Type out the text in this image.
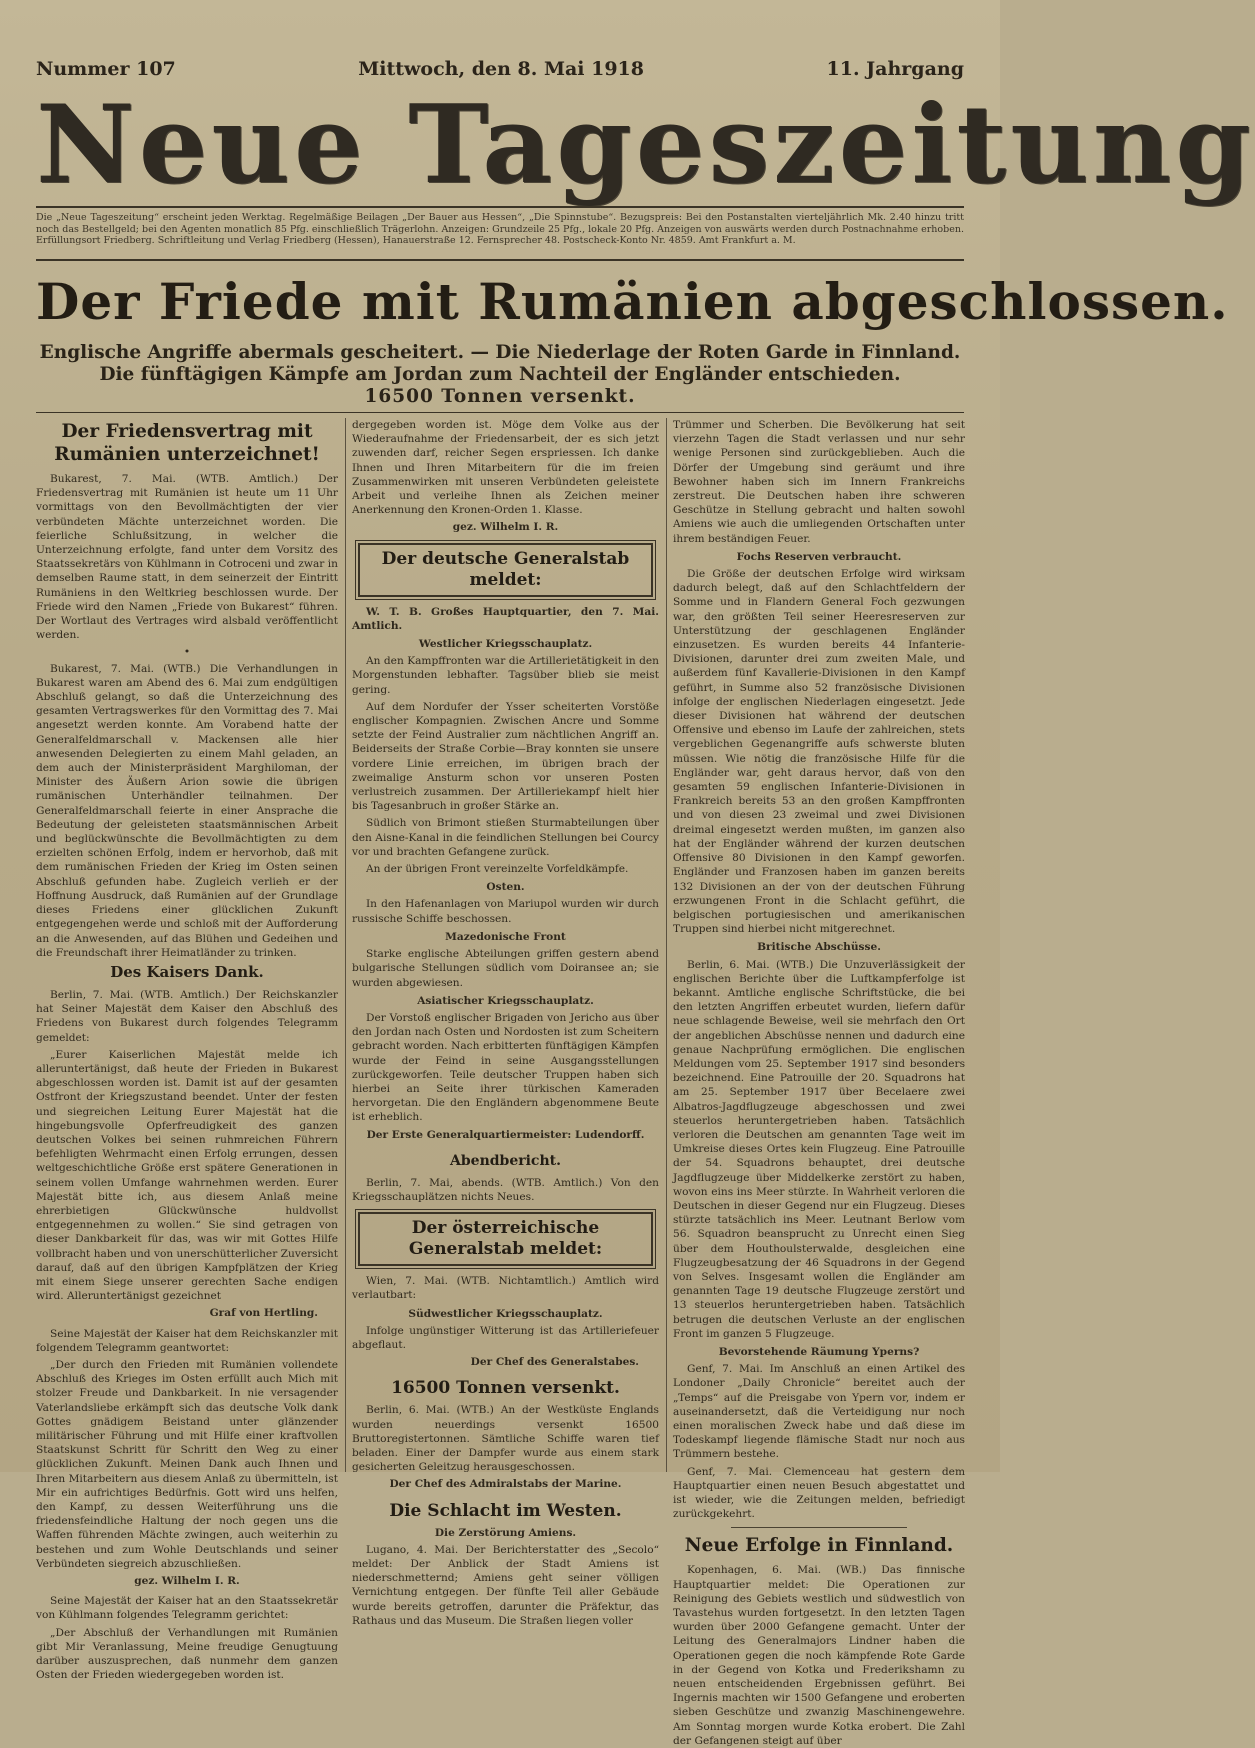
Nummer 107	Mittwoch, den 8. Mai 1918	11. Jahrgang
Neue Tageszeitung
Die „Neue Tageszeitung“ erscheint jeden Werktag. Regelmäßige Beilagen „Der Bauer aus Hessen“, „Die Spinnstube“. Bezugspreis: Bei den Postanstalten vierteljährlich Mk. 2.40 hinzu tritt noch das Bestellgeld; bei den Agenten monatlich 85 Pfg. einschließlich Trägerlohn. Anzeigen: Grundzeile 25 Pfg., lokale 20 Pfg. Anzeigen von auswärts werden durch Postnachnahme erhoben. Erfüllungsort Friedberg. Schriftleitung und Verlag Friedberg (Hessen), Hanauerstraße 12. Fernsprecher 48. Postscheck-Konto Nr. 4859. Amt Frankfurt a. M.
Der Friede mit Rumänien abgeschlossen.
Englische Angriffe abermals gescheitert. — Die Niederlage der Roten Garde in Finnland.
Die fünftägigen Kämpfe am Jordan zum Nachteil der Engländer entschieden.
16500 Tonnen versenkt.
Der Friedensvertrag mit Rumänien unterzeichnet!

Bukarest, 7. Mai. (WTB. Amtlich.) Der Friedensvertrag mit Rumänien ist heute um 11 Uhr vormittags von den Bevollmächtigten der vier verbündeten Mächte unterzeichnet worden. Die feierliche Schlußsitzung, in welcher die Unterzeichnung erfolgte, fand unter dem Vorsitz des Staatssekretärs von Kühlmann in Cotroceni und zwar in demselben Raume statt, in dem seinerzeit der Eintritt Rumäniens in den Weltkrieg beschlossen wurde. Der Friede wird den Namen „Friede von Bukarest“ führen. Der Wortlaut des Vertrages wird alsbald veröffentlicht werden.

•

Bukarest, 7. Mai. (WTB.) Die Verhandlungen in Bukarest waren am Abend des 6. Mai zum endgültigen Abschluß gelangt, so daß die Unterzeichnung des gesamten Vertragswerkes für den Vormittag des 7. Mai angesetzt werden konnte. Am Vorabend hatte der Generalfeldmarschall v. Mackensen alle hier anwesenden Delegierten zu einem Mahl geladen, an dem auch der Ministerpräsident Marghiloman, der Minister des Äußern Arion sowie die übrigen rumänischen Unterhändler teilnahmen. Der Generalfeldmarschall feierte in einer Ansprache die Bedeutung der geleisteten staatsmännischen Arbeit und beglückwünschte die Bevollmächtigten zu dem erzielten schönen Erfolg, indem er hervorhob, daß mit dem rumänischen Frieden der Krieg im Osten seinen Abschluß gefunden habe. Zugleich verlieh er der Hoffnung Ausdruck, daß Rumänien auf der Grundlage dieses Friedens einer glücklichen Zukunft entgegengehen werde und schloß mit der Aufforderung an die Anwesenden, auf das Blühen und Gedeihen und die Freundschaft ihrer Heimatländer zu trinken.

Des Kaisers Dank.

Berlin, 7. Mai. (WTB. Amtlich.) Der Reichskanzler hat Seiner Majestät dem Kaiser den Abschluß des Friedens von Bukarest durch folgendes Telegramm gemeldet:

„Eurer Kaiserlichen Majestät melde ich alleruntertänigst, daß heute der Frieden in Bukarest abgeschlossen worden ist. Damit ist auf der gesamten Ostfront der Kriegszustand beendet. Unter der festen und siegreichen Leitung Eurer Majestät hat die hingebungsvolle Opferfreudigkeit des ganzen deutschen Volkes bei seinen ruhmreichen Führern befehligten Wehrmacht einen Erfolg errungen, dessen weltgeschichtliche Größe erst spätere Generationen in seinem vollen Umfange wahrnehmen werden. Eurer Majestät bitte ich, aus diesem Anlaß meine ehrerbietigen Glückwünsche huldvollst entgegennehmen zu wollen.“ Sie sind getragen von dieser Dankbarkeit für das, was wir mit Gottes Hilfe vollbracht haben und von unerschütterlicher Zuversicht darauf, daß auf den übrigen Kampfplätzen der Krieg mit einem Siege unserer gerechten Sache endigen wird. Alleruntertänigst gezeichnet

Graf von Hertling.

Seine Majestät der Kaiser hat dem Reichskanzler mit folgendem Telegramm geantwortet:

„Der durch den Frieden mit Rumänien vollendete Abschluß des Krieges im Osten erfüllt auch Mich mit stolzer Freude und Dankbarkeit. In nie versagender Vaterlandsliebe erkämpft sich das deutsche Volk dank Gottes gnädigem Beistand unter glänzender militärischer Führung und mit Hilfe einer kraftvollen Staatskunst Schritt für Schritt den Weg zu einer glücklichen Zukunft. Meinen Dank auch Ihnen und Ihren Mitarbeitern aus diesem Anlaß zu übermitteln, ist Mir ein aufrichtiges Bedürfnis. Gott wird uns helfen, den Kampf, zu dessen Weiterführung uns die friedensfeindliche Haltung der noch gegen uns die Waffen führenden Mächte zwingen, auch weiterhin zu bestehen und zum Wohle Deutschlands und seiner Verbündeten siegreich abzuschließen.

gez. Wilhelm I. R.

Seine Majestät der Kaiser hat an den Staatssekretär von Kühlmann folgendes Telegramm gerichtet:

„Der Abschluß der Verhandlungen mit Rumänien gibt Mir Veranlassung, Meine freudige Genugtuung darüber auszusprechen, daß nunmehr dem ganzen Osten der Frieden wiedergegeben worden ist.

dergegeben worden ist. Möge dem Volke aus der Wiederaufnahme der Friedensarbeit, der es sich jetzt zuwenden darf, reicher Segen erspriessen. Ich danke Ihnen und Ihren Mitarbeitern für die im freien Zusammenwirken mit unseren Verbündeten geleistete Arbeit und verleihe Ihnen als Zeichen meiner Anerkennung den Kronen-Orden 1. Klasse.

gez. Wilhelm I. R.
Der deutsche Generalstab meldet:

W. T. B. Großes Hauptquartier, den 7. Mai. Amtlich.

Westlicher Kriegsschauplatz.

An den Kampffronten war die Artillerietätigkeit in den Morgenstunden lebhafter. Tagsüber blieb sie meist gering.

Auf dem Nordufer der Ysser scheiterten Vorstöße englischer Kompagnien. Zwischen Ancre und Somme setzte der Feind Australier zum nächtlichen Angriff an. Beiderseits der Straße Corbie—Bray konnten sie unsere vordere Linie erreichen, im übrigen brach der zweimalige Ansturm schon vor unseren Posten verlustreich zusammen. Der Artilleriekampf hielt hier bis Tagesanbruch in großer Stärke an.

Südlich von Brimont stießen Sturmabteilungen über den Aisne-Kanal in die feindlichen Stellungen bei Courcy vor und brachten Gefangene zurück.

An der übrigen Front vereinzelte Vorfeldkämpfe.

Osten.

In den Hafenanlagen von Mariupol wurden wir durch russische Schiffe beschossen.

Mazedonische Front

Starke englische Abteilungen griffen gestern abend bulgarische Stellungen südlich vom Doiransee an; sie wurden abgewiesen.

Asiatischer Kriegsschauplatz.

Der Vorstoß englischer Brigaden von Jericho aus über den Jordan nach Osten und Nordosten ist zum Scheitern gebracht worden. Nach erbitterten fünftägigen Kämpfen wurde der Feind in seine Ausgangsstellungen zurückgeworfen. Teile deutscher Truppen haben sich hierbei an Seite ihrer türkischen Kameraden hervorgetan. Die den Engländern abgenommene Beute ist erheblich.

Der Erste Generalquartiermeister: Ludendorff.
Abendbericht.

Berlin, 7. Mai, abends. (WTB. Amtlich.) Von den Kriegsschauplätzen nichts Neues.

Der österreichische Generalstab meldet:

Wien, 7. Mai. (WTB. Nichtamtlich.) Amtlich wird verlautbart:

Südwestlicher Kriegsschauplatz.

Infolge ungünstiger Witterung ist das Artilleriefeuer abgeflaut.

Der Chef des Generalstabes.
16500 Tonnen versenkt.

Berlin, 6. Mai. (WTB.) An der Westküste Englands wurden neuerdings versenkt 16500 Bruttoregistertonnen. Sämtliche Schiffe waren tief beladen. Einer der Dampfer wurde aus einem stark gesicherten Geleitzug herausgeschossen.

Der Chef des Admiralstabs der Marine.
Die Schlacht im Westen.
Die Zerstörung Amiens.

Lugano, 4. Mai. Der Berichterstatter des „Secolo“ meldet: Der Anblick der Stadt Amiens ist niederschmetternd; Amiens geht seiner völligen Vernichtung entgegen. Der fünfte Teil aller Gebäude wurde bereits getroffen, darunter die Präfektur, das Rathaus und das Museum. Die Straßen liegen voller

Trümmer und Scherben. Die Bevölkerung hat seit vierzehn Tagen die Stadt verlassen und nur sehr wenige Personen sind zurückgeblieben. Auch die Dörfer der Umgebung sind geräumt und ihre Bewohner haben sich im Innern Frankreichs zerstreut. Die Deutschen haben ihre schweren Geschütze in Stellung gebracht und halten sowohl Amiens wie auch die umliegenden Ortschaften unter ihrem beständigen Feuer.

Fochs Reserven verbraucht.

Die Größe der deutschen Erfolge wird wirksam dadurch belegt, daß auf den Schlachtfeldern der Somme und in Flandern General Foch gezwungen war, den größten Teil seiner Heeresreserven zur Unterstützung der geschlagenen Engländer einzusetzen. Es wurden bereits 44 Infanterie-Divisionen, darunter drei zum zweiten Male, und außerdem fünf Kavallerie-Divisionen in den Kampf geführt, in Summe also 52 französische Divisionen infolge der englischen Niederlagen eingesetzt. Jede dieser Divisionen hat während der deutschen Offensive und ebenso im Laufe der zahlreichen, stets vergeblichen Gegenangriffe aufs schwerste bluten müssen. Wie nötig die französische Hilfe für die Engländer war, geht daraus hervor, daß von den gesamten 59 englischen Infanterie-Divisionen in Frankreich bereits 53 an den großen Kampffronten und von diesen 23 zweimal und zwei Divisionen dreimal eingesetzt werden mußten, im ganzen also hat der Engländer während der kurzen deutschen Offensive 80 Divisionen in den Kampf geworfen. Engländer und Franzosen haben im ganzen bereits 132 Divisionen an der von der deutschen Führung erzwungenen Front in die Schlacht geführt, die belgischen portugiesischen und amerikanischen Truppen sind hierbei nicht mitgerechnet.

Britische Abschüsse.

Berlin, 6. Mai. (WTB.) Die Unzuverlässigkeit der englischen Berichte über die Luftkampferfolge ist bekannt. Amtliche englische Schriftstücke, die bei den letzten Angriffen erbeutet wurden, liefern dafür neue schlagende Beweise, weil sie mehrfach den Ort der angeblichen Abschüsse nennen und dadurch eine genaue Nachprüfung ermöglichen. Die englischen Meldungen vom 25. September 1917 sind besonders bezeichnend. Eine Patrouille der 20. Squadrons hat am 25. September 1917 über Becelaere zwei Albatros-Jagdflugzeuge abgeschossen und zwei steuerlos heruntergetrieben haben. Tatsächlich verloren die Deutschen am genannten Tage weit im Umkreise dieses Ortes kein Flugzeug. Eine Patrouille der 54. Squadrons behauptet, drei deutsche Jagdflugzeuge über Middelkerke zerstört zu haben, wovon eins ins Meer stürzte. In Wahrheit verloren die Deutschen in dieser Gegend nur ein Flugzeug. Dieses stürzte tatsächlich ins Meer. Leutnant Berlow vom 56. Squadron beansprucht zu Unrecht einen Sieg über dem Houthoulsterwalde, desgleichen eine Flugzeugbesatzung der 46 Squadrons in der Gegend von Selves. Insgesamt wollen die Engländer am genannten Tage 19 deutsche Flugzeuge zerstört und 13 steuerlos heruntergetrieben haben. Tatsächlich betrugen die deutschen Verluste an der englischen Front im ganzen 5 Flugzeuge.

Bevorstehende Räumung Yperns?

Genf, 7. Mai. Im Anschluß an einen Artikel des Londoner „Daily Chronicle“ bereitet auch der „Temps“ auf die Preisgabe von Ypern vor, indem er auseinandersetzt, daß die Verteidigung nur noch einen moralischen Zweck habe und daß diese im Todeskampf liegende flämische Stadt nur noch aus Trümmern bestehe.

Genf, 7. Mai. Clemenceau hat gestern dem Hauptquartier einen neuen Besuch abgestattet und ist wieder, wie die Zeitungen melden, befriedigt zurückgekehrt.

Neue Erfolge in Finnland.

Kopenhagen, 6. Mai. (WB.) Das finnische Hauptquartier meldet: Die Operationen zur Reinigung des Gebiets westlich und südwestlich von Tavastehus wurden fortgesetzt. In den letzten Tagen wurden über 2000 Gefangene gemacht. Unter der Leitung des Generalmajors Lindner haben die Operationen gegen die noch kämpfende Rote Garde in der Gegend von Kotka und Frederikshamn zu neuen entscheidenden Ergebnissen geführt. Bei Ingernis machten wir 1500 Gefangene und eroberten sieben Geschütze und zwanzig Maschinengewehre. Am Sonntag morgen wurde Kotka erobert. Die Zahl der Gefangenen steigt auf über
